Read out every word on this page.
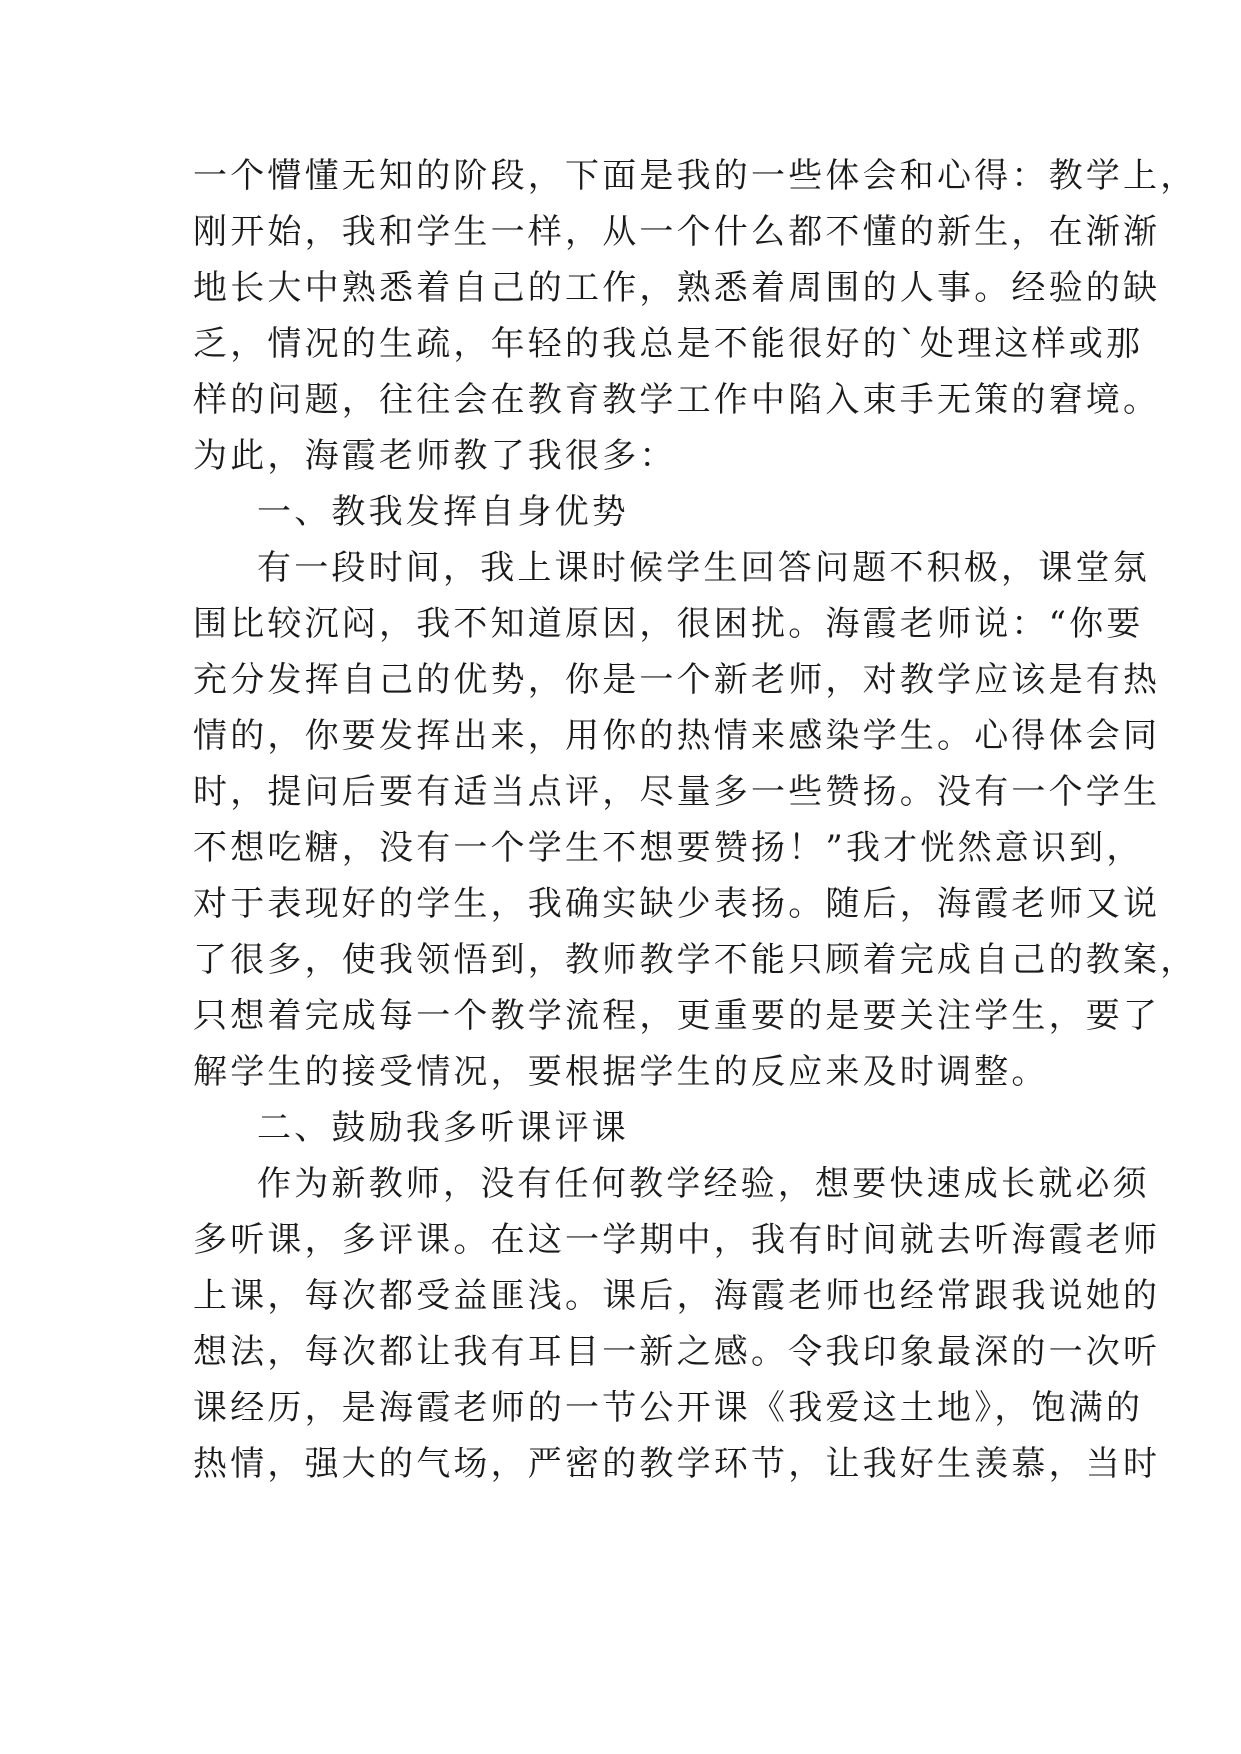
一个懵懂无知的阶段，下面是我的一些体会和心得：教学上，
刚开始，我和学生一样，从一个什么都不懂的新生，在渐渐
地长大中熟悉着自己的工作，熟悉着周围的人事。经验的缺
乏，情况的生疏，年轻的我总是不能很好的`处理这样或那
样的问题，往往会在教育教学工作中陷入束手无策的窘境。
为此，海霞老师教了我很多：
一、教我发挥自身优势
有一段时间，我上课时候学生回答问题不积极，课堂氛
围比较沉闷，我不知道原因，很困扰。海霞老师说：“你要
充分发挥自己的优势，你是一个新老师，对教学应该是有热
情的，你要发挥出来，用你的热情来感染学生。心得体会同
时，提问后要有适当点评，尽量多一些赞扬。没有一个学生
不想吃糖，没有一个学生不想要赞扬！”我才恍然意识到，
对于表现好的学生，我确实缺少表扬。随后，海霞老师又说
了很多，使我领悟到，教师教学不能只顾着完成自己的教案，
只想着完成每一个教学流程，更重要的是要关注学生，要了
解学生的接受情况，要根据学生的反应来及时调整。
二、鼓励我多听课评课
作为新教师，没有任何教学经验，想要快速成长就必须
多听课，多评课。在这一学期中，我有时间就去听海霞老师
上课，每次都受益匪浅。课后，海霞老师也经常跟我说她的
想法，每次都让我有耳目一新之感。令我印象最深的一次听
课经历，是海霞老师的一节公开课《我爱这土地》，饱满的
热情，强大的气场，严密的教学环节，让我好生羡慕，当时
